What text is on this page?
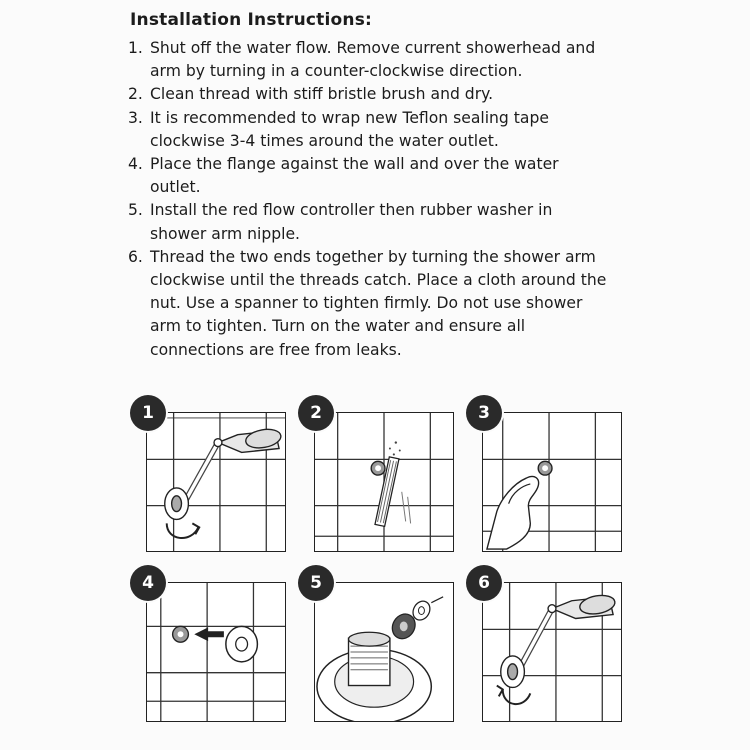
Installation Instructions:
1. Shut off the water flow. Remove current showerhead and arm by turning in a counter-clockwise direction.
2. Clean thread with stiff bristle brush and dry.
3. It is recommended to wrap new Teflon sealing tape clockwise 3-4 times around the water outlet.
4. Place the flange against the wall and over the water outlet.
5. Install the red flow controller then rubber washer in shower arm nipple.
6. Thread the two ends together by turning the shower arm clockwise until the threads catch. Place a cloth around the nut. Use a spanner to tighten firmly. Do not use shower arm to tighten. Turn on the water and ensure all connections are free from leaks.
1	2	3
4	5	6
